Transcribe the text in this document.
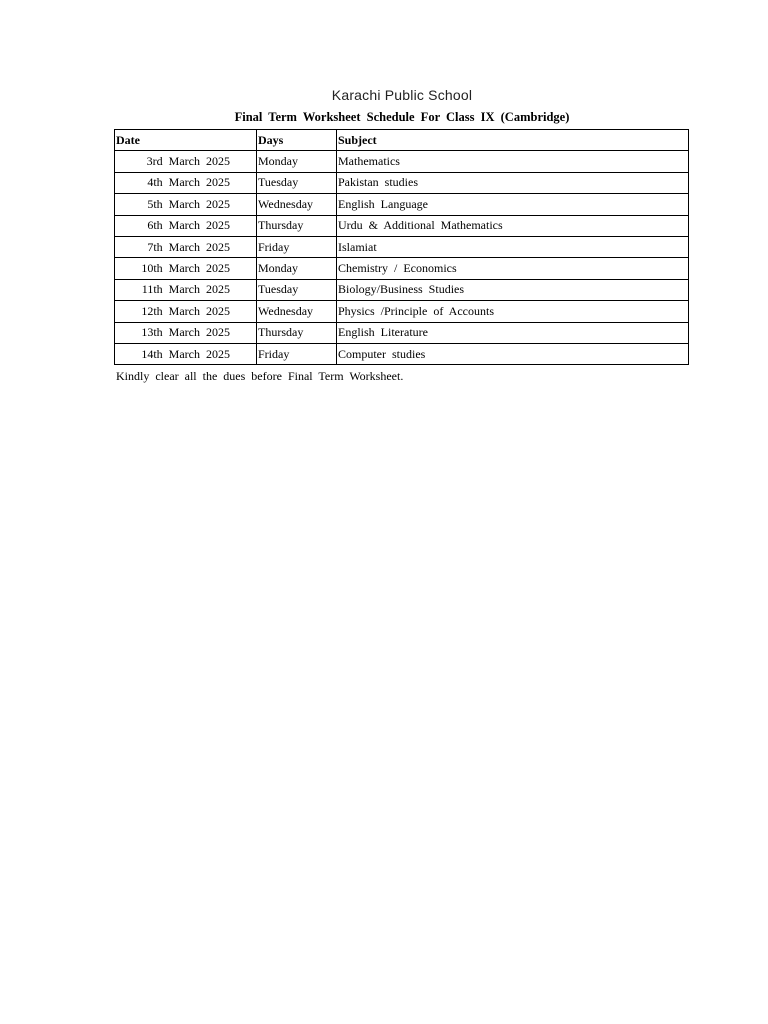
Karachi Public School
Final Term Worksheet Schedule For Class IX (Cambridge)
Date	Days	Subject
3rd March 2025	Monday	Mathematics
4th March 2025	Tuesday	Pakistan studies
5th March 2025	Wednesday	English Language
6th March 2025	Thursday	Urdu & Additional Mathematics
7th March 2025	Friday	Islamiat
10th March 2025	Monday	Chemistry / Economics
11th March 2025	Tuesday	Biology/Business Studies
12th March 2025	Wednesday	Physics /Principle of Accounts
13th March 2025	Thursday	English Literature
14th March 2025	Friday	Computer studies
Kindly clear all the dues before Final Term Worksheet.
